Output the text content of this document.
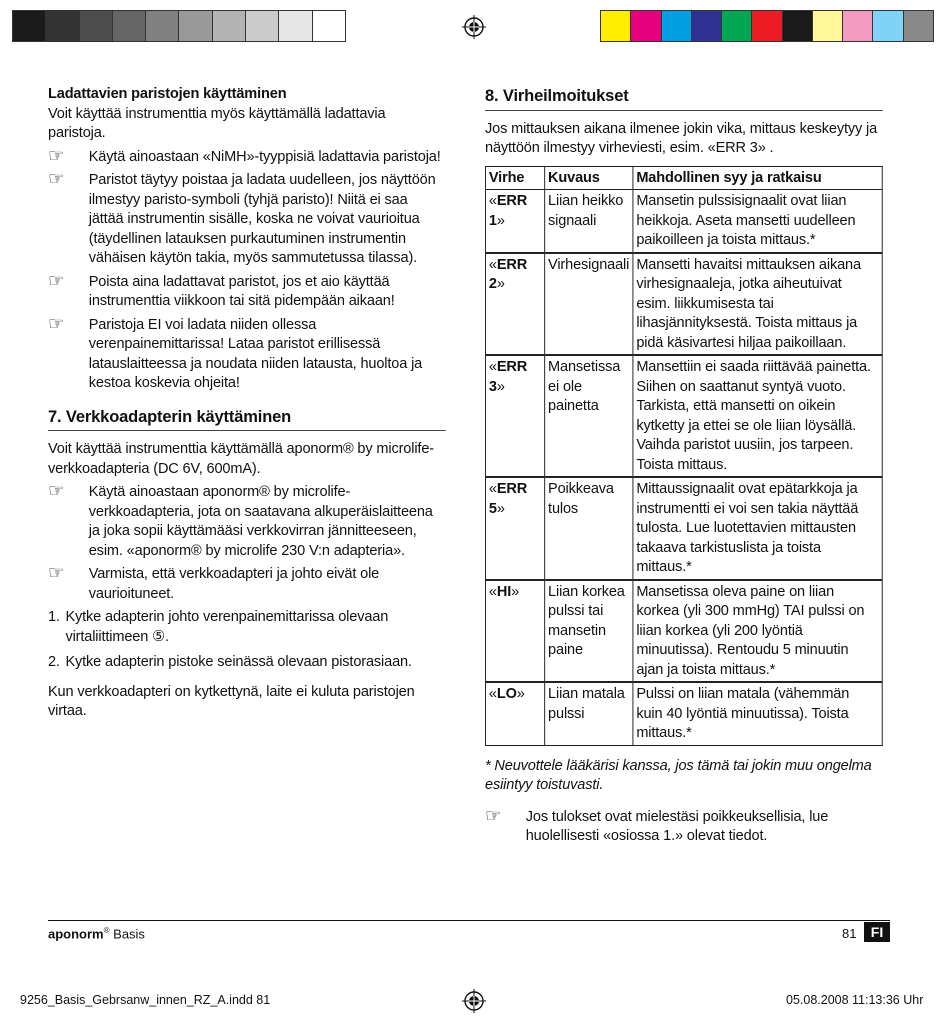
Ladattavien paristojen käyttäminen

Voit käyttää instrumenttia myös käyttämällä ladattavia paristoja.

☞	Käytä ainoastaan «NiMH»-tyyppisiä ladattavia paristoja!
☞	Paristot täytyy poistaa ja ladata uudelleen, jos näyttöön ilmestyy paristo-symboli (tyhjä paristo)! Niitä ei saa jättää instrumentin sisälle, koska ne voivat vaurioitua (täydellinen latauksen purkautuminen instrumentin vähäisen käytön takia, myös sammutetussa tilassa).
☞	Poista aina ladattavat paristot, jos et aio käyttää instrumenttia viikkoon tai sitä pidempään aikaan!
☞	Paristoja EI voi ladata niiden ollessa verenpainemittarissa! Lataa paristot erillisessä latauslaitteessa ja noudata niiden latausta, huoltoa ja kestoa koskevia ohjeita!

7. Verkkoadapterin käyttäminen

Voit käyttää instrumenttia käyttämällä aponorm® by microlife-verkkoadapteria (DC 6V, 600mA).

☞	Käytä ainoastaan aponorm® by microlife-verkkoadapteria, jota on saatavana alkuperäislaitteena ja joka sopii käyttämääsi verkkovirran jännitteeseen, esim. «aponorm® by microlife 230 V:n adapteria».
☞	Varmista, että verkkoadapteri ja johto eivät ole vaurioituneet.
1. Kytke adapterin johto verenpainemittarissa olevaan virtaliittimeen ⑤.
2. Kytke adapterin pistoke seinässä olevaan pistorasiaan.

Kun verkkoadapteri on kytkettynä, laite ei kuluta paristojen virtaa.

8. Virheilmoitukset

Jos mittauksen aikana ilmenee jokin vika, mittaus keskeytyy ja näyttöön ilmestyy virheviesti, esim. «ERR 3» .

Virhe	Kuvaus	Mahdollinen syy ja ratkaisu
«ERR 1»	Liian heikko signaali	Mansetin pulssisignaalit ovat liian heikkoja. Aseta mansetti uudelleen paikoilleen ja toista mittaus.*
«ERR 2»	Virhesignaali	Mansetti havaitsi mittauksen aikana virhesignaaleja, jotka aiheutuivat esim. liikkumisesta tai lihasjännityksestä. Toista mittaus ja pidä käsivartesi hiljaa paikoillaan.
«ERR 3»	Mansetissa ei ole painetta	Mansettiin ei saada riittävää painetta. Siihen on saattanut syntyä vuoto. Tarkista, että mansetti on oikein kytketty ja ettei se ole liian löysällä. Vaihda paristot uusiin, jos tarpeen. Toista mittaus.
«ERR 5»	Poikkeava tulos	Mittaussignaalit ovat epätarkkoja ja instrumentti ei voi sen takia näyttää tulosta. Lue luotettavien mittausten takaava tarkistuslista ja toista mittaus.*
«HI»	Liian korkea pulssi tai mansetin paine	Mansetissa oleva paine on liian korkea (yli 300 mmHg) TAI pulssi on liian korkea (yli 200 lyöntiä minuutissa). Rentoudu 5 minuutin ajan ja toista mittaus.*
«LO»	Liian matala pulssi	Pulssi on liian matala (vähemmän kuin 40 lyöntiä minuutissa). Toista mittaus.*

* Neuvottele lääkärisi kanssa, jos tämä tai jokin muu ongelma esiintyy toistuvasti.

☞	Jos tulokset ovat mielestäsi poikkeuksellisia, lue huolellisesti «osiossa 1.» olevat tiedot.
aponorm® Basis	81	FI
9256_Basis_Gebrsanw_innen_RZ_A.indd 81	05.08.2008 11:13:36 Uhr
